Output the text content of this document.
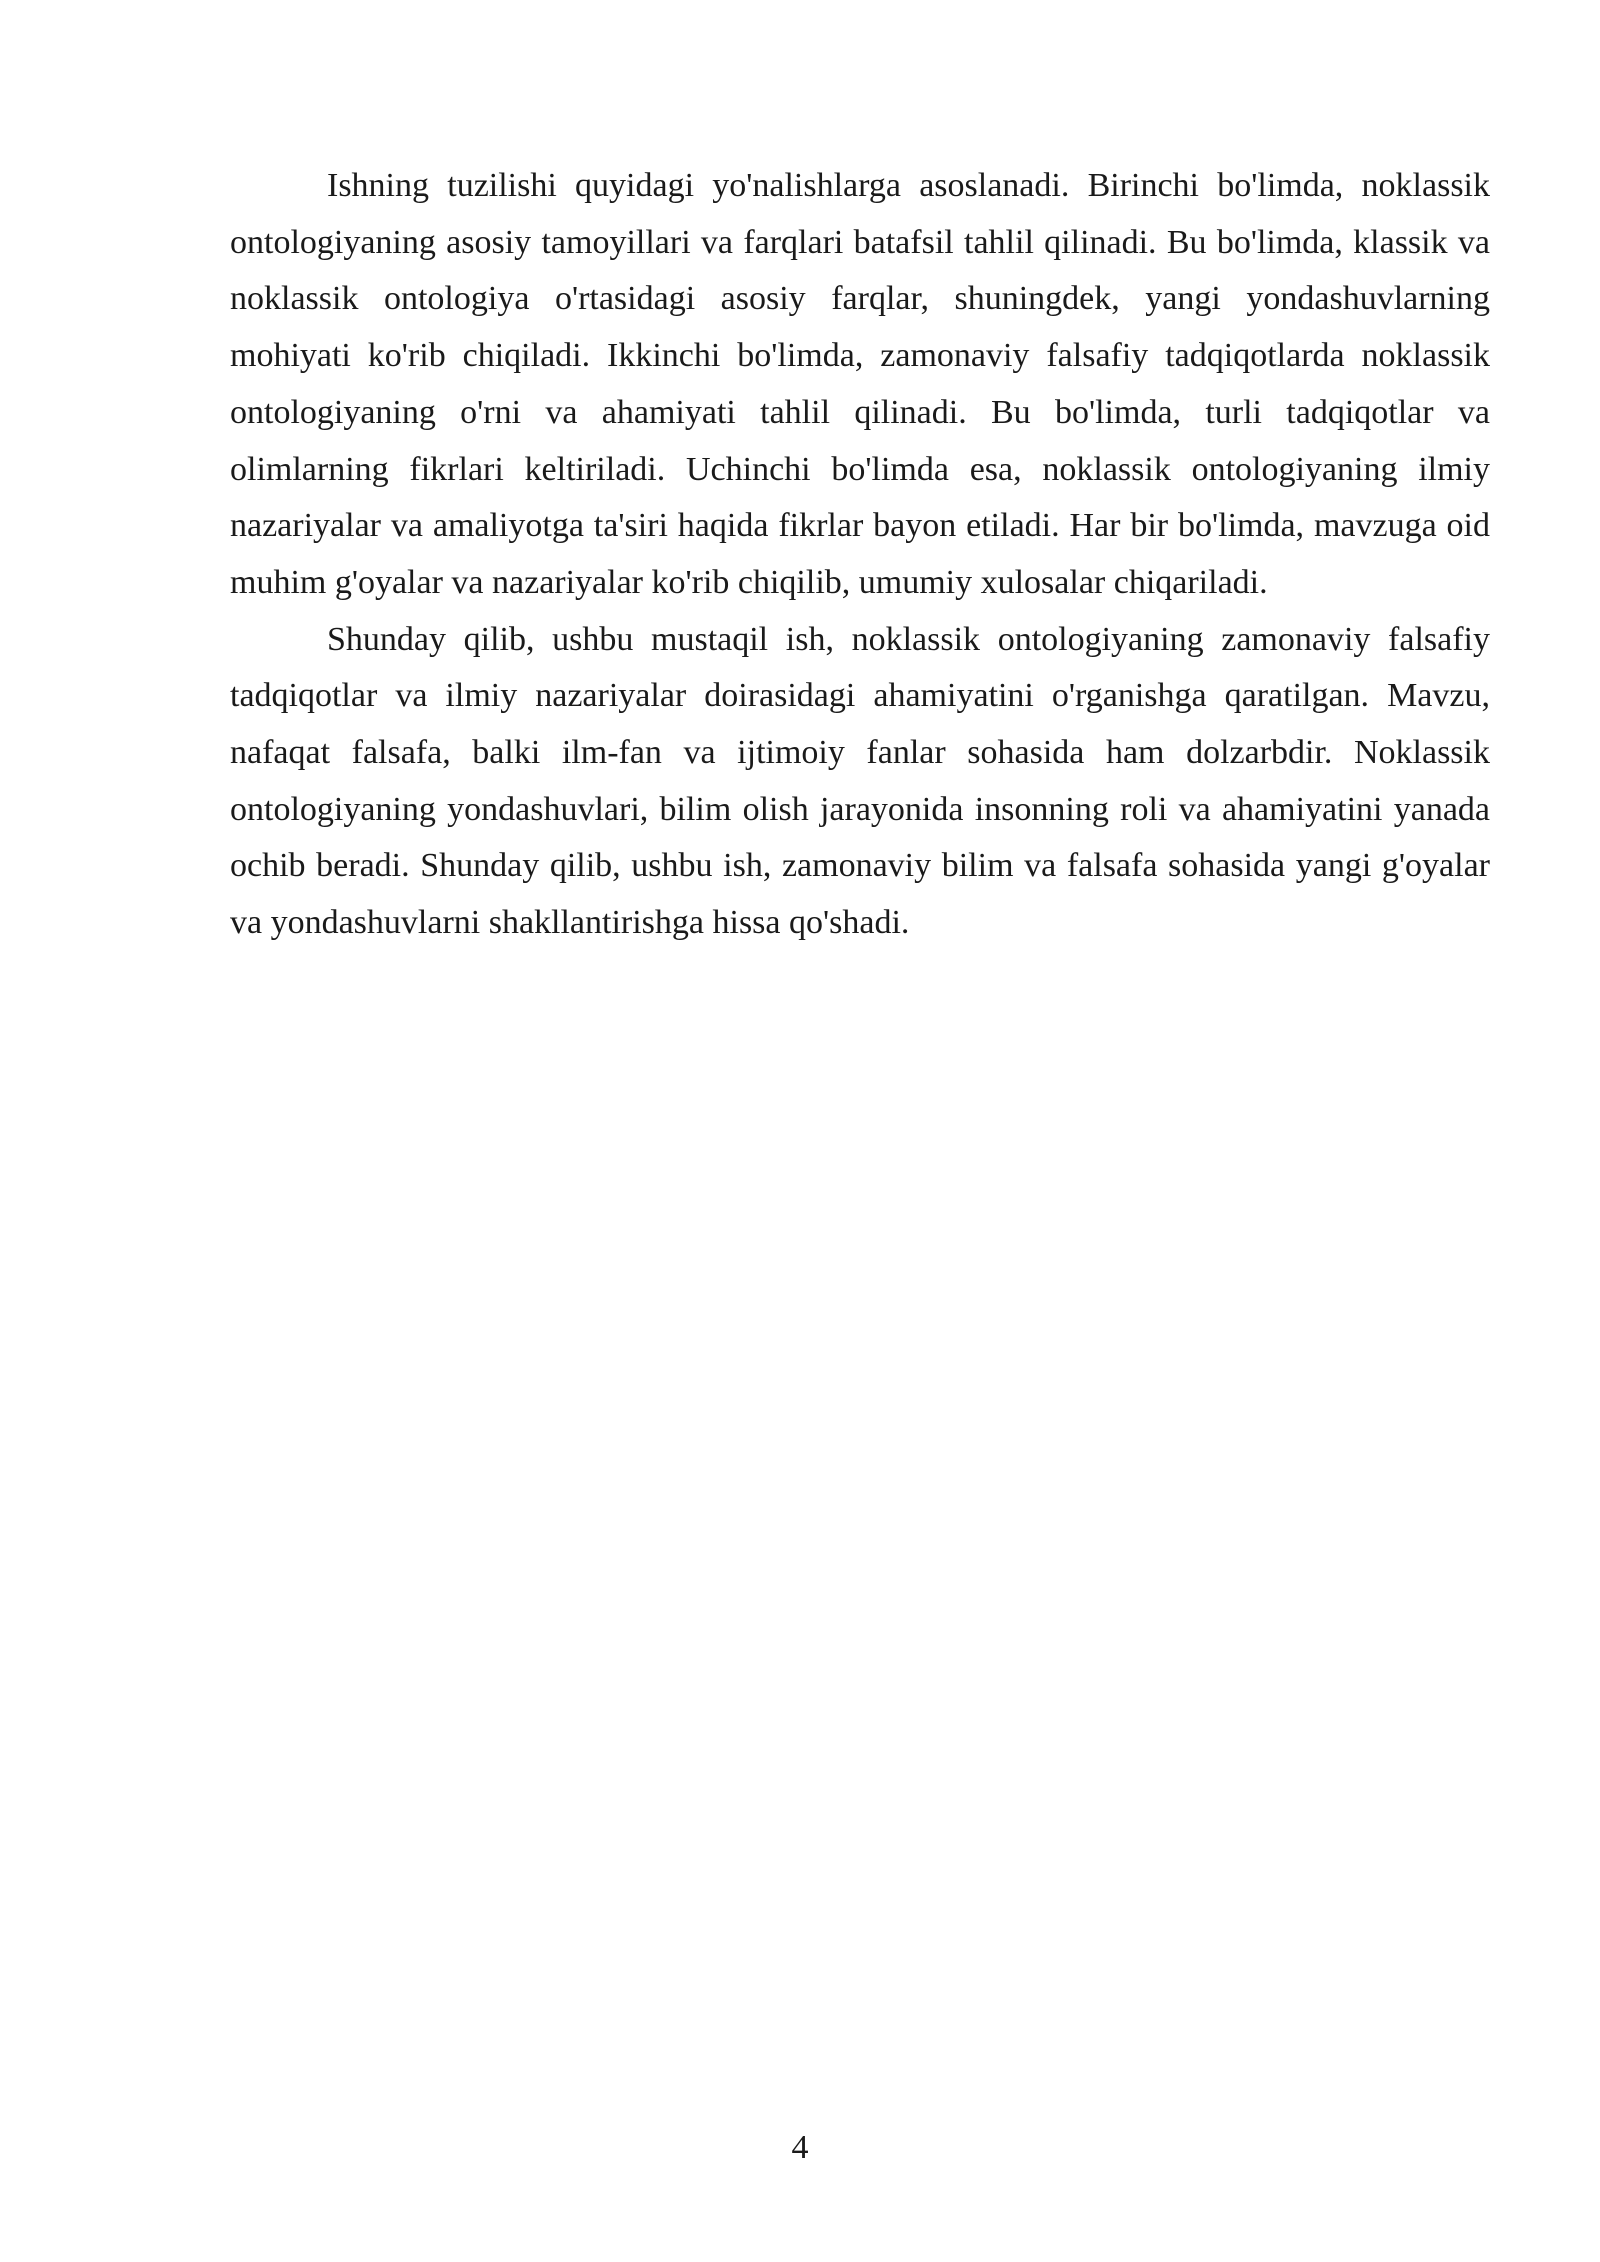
Ishning tuzilishi quyidagi yo'nalishlarga asoslanadi. Birinchi bo'limda, noklassik ontologiyaning asosiy tamoyillari va farqlari batafsil tahlil qilinadi. Bu bo'limda, klassik va noklassik ontologiya o'rtasidagi asosiy farqlar, shuningdek, yangi yondashuvlarning mohiyati ko'rib chiqiladi. Ikkinchi bo'limda, zamonaviy falsafiy tadqiqotlarda noklassik ontologiyaning o'rni va ahamiyati tahlil qilinadi. Bu bo'limda, turli tadqiqotlar va olimlarning fikrlari keltiriladi. Uchinchi bo'limda esa, noklassik ontologiyaning ilmiy nazariyalar va amaliyotga ta'siri haqida fikrlar bayon etiladi. Har bir bo'limda, mavzuga oid muhim g'oyalar va nazariyalar ko'rib chiqilib, umumiy xulosalar chiqariladi.

Shunday qilib, ushbu mustaqil ish, noklassik ontologiyaning zamonaviy falsafiy tadqiqotlar va ilmiy nazariyalar doirasidagi ahamiyatini o'rganishga qaratilgan. Mavzu, nafaqat falsafa, balki ilm-fan va ijtimoiy fanlar sohasida ham dolzarbdir. Noklassik ontologiyaning yondashuvlari, bilim olish jarayonida insonning roli va ahamiyatini yanada ochib beradi. Shunday qilib, ushbu ish, zamonaviy bilim va falsafa sohasida yangi g'oyalar va yondashuvlarni shakllantirishga hissa qo'shadi.

4
